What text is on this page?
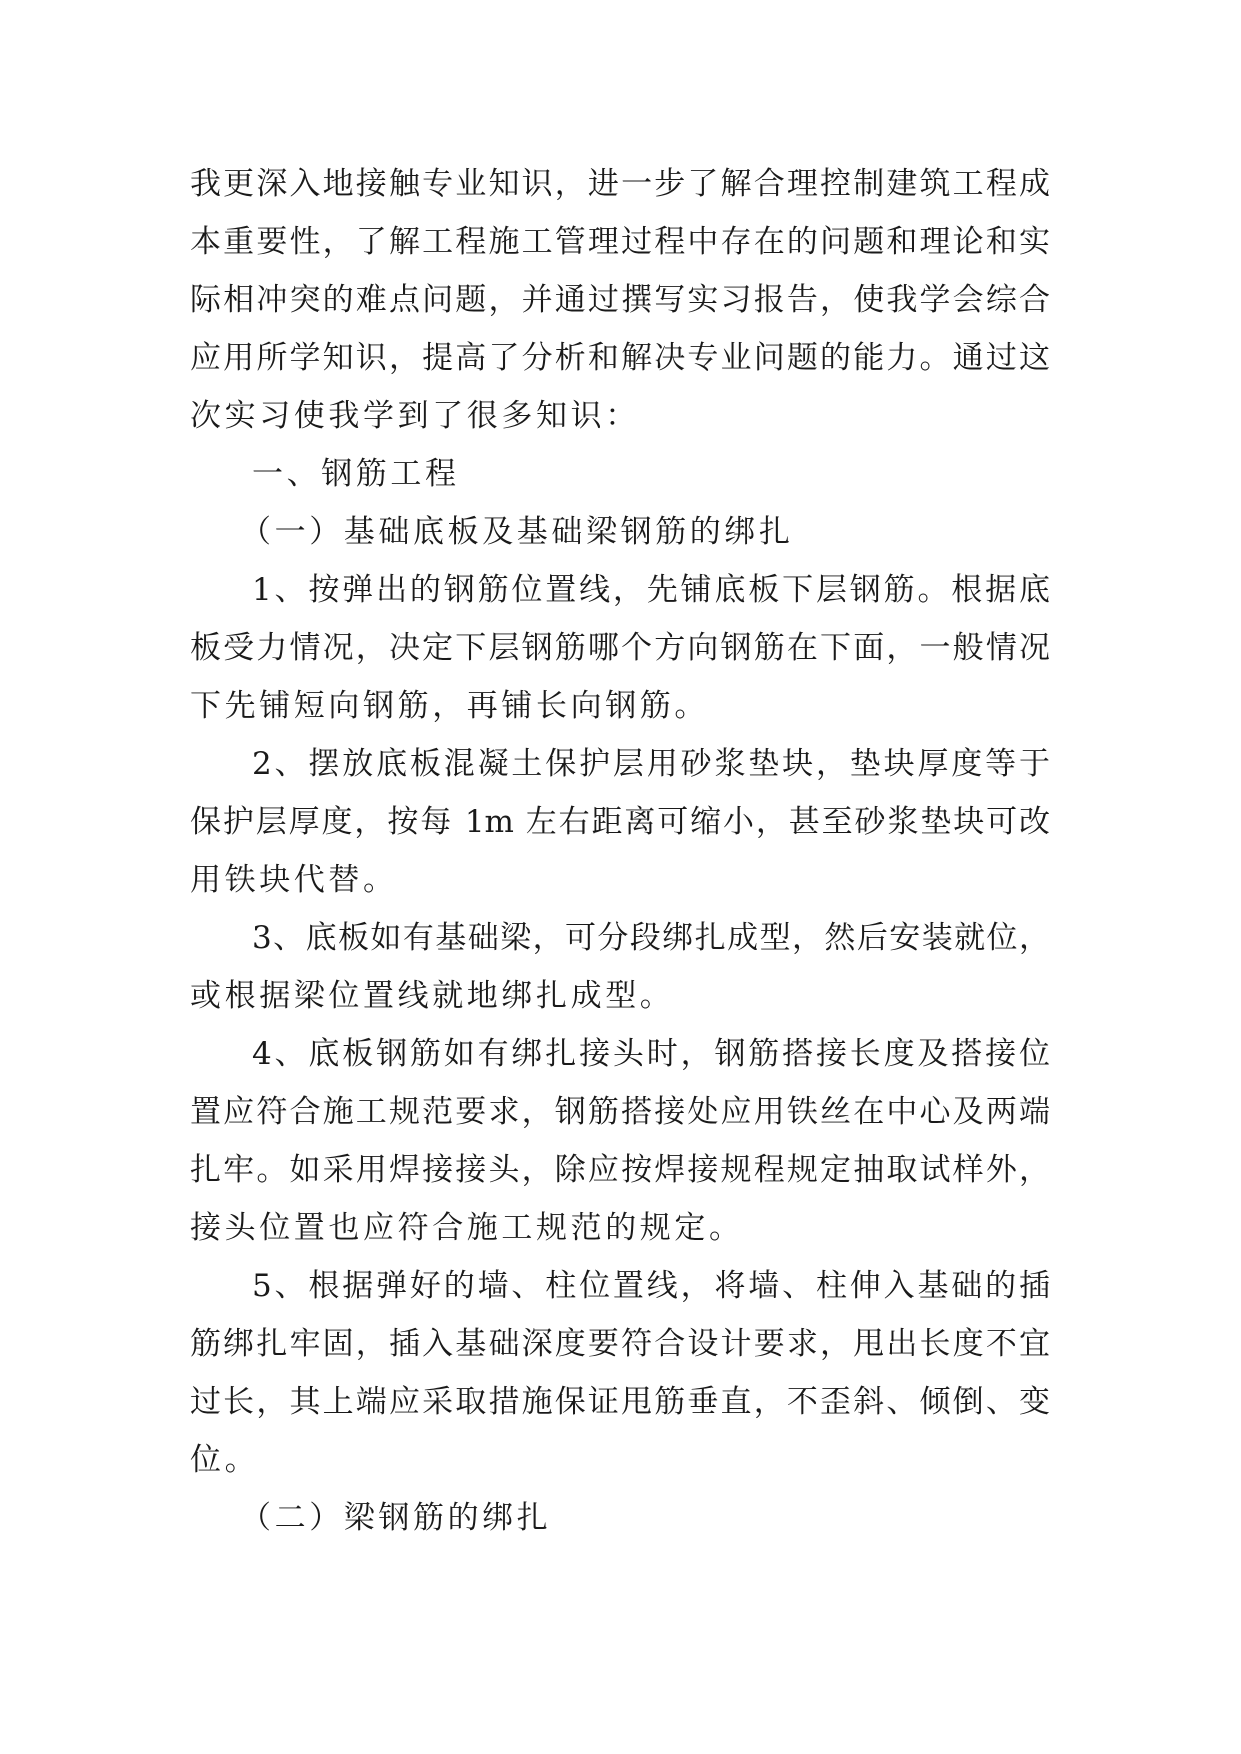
我更深入地接触专业知识，进一步了解合理控制建筑工程成
本重要性，了解工程施工管理过程中存在的问题和理论和实
际相冲突的难点问题，并通过撰写实习报告，使我学会综合
应用所学知识，提高了分析和解决专业问题的能力。通过这
次实习使我学到了很多知识：
一、钢筋工程
（一）基础底板及基础梁钢筋的绑扎
1、按弹出的钢筋位置线，先铺底板下层钢筋。根据底
板受力情况，决定下层钢筋哪个方向钢筋在下面，一般情况
下先铺短向钢筋，再铺长向钢筋。
2、摆放底板混凝土保护层用砂浆垫块，垫块厚度等于
保护层厚度，按每 1m 左右距离可缩小，甚至砂浆垫块可改
用铁块代替。
3、底板如有基础梁，可分段绑扎成型，然后安装就位，
或根据梁位置线就地绑扎成型。
4、底板钢筋如有绑扎接头时，钢筋搭接长度及搭接位
置应符合施工规范要求，钢筋搭接处应用铁丝在中心及两端
扎牢。如采用焊接接头，除应按焊接规程规定抽取试样外，
接头位置也应符合施工规范的规定。
5、根据弹好的墙、柱位置线，将墙、柱伸入基础的插
筋绑扎牢固，插入基础深度要符合设计要求，甩出长度不宜
过长，其上端应采取措施保证甩筋垂直，不歪斜、倾倒、变
位。
（二）梁钢筋的绑扎
